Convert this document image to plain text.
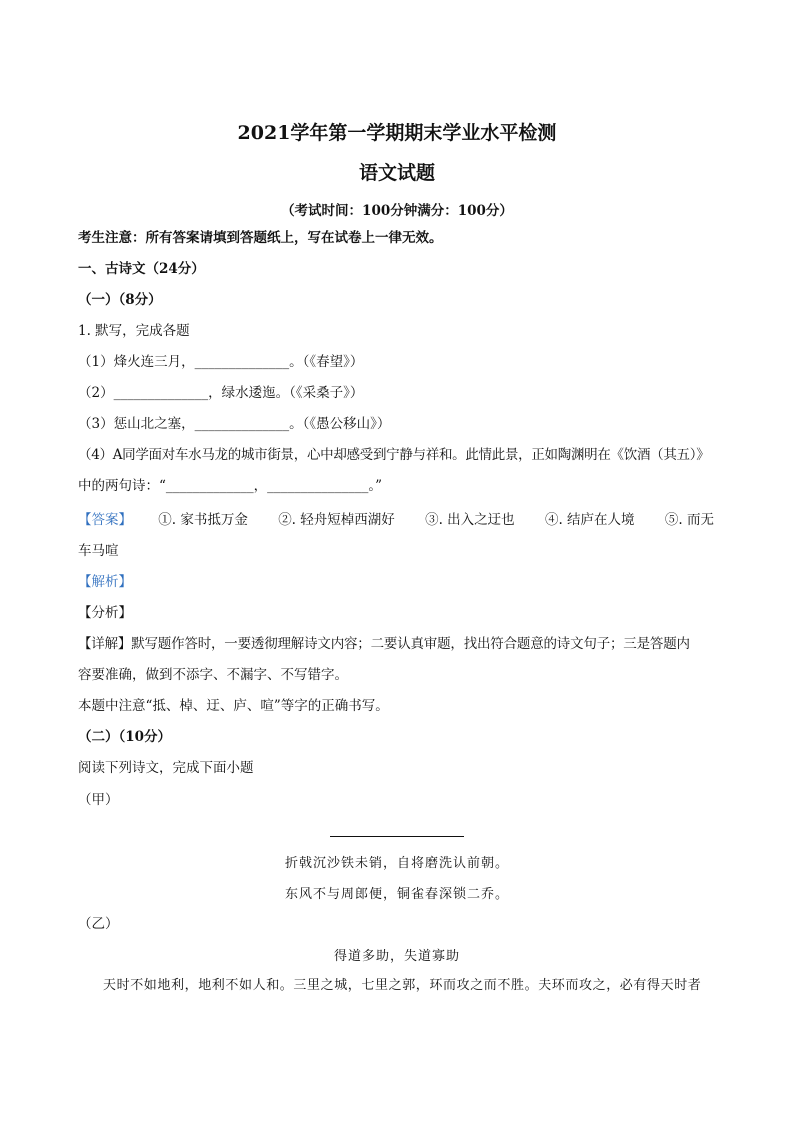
2021学年第一学期期末学业水平检测
语文试题
（考试时间：100分钟满分：100分）
考生注意：所有答案请填到答题纸上，写在试卷上一律无效。
一、古诗文（24分）
（一）（8分）
1. 默写，完成各题
（1）烽火连三月，______________。（《春望》）
（2）______________，绿水逶迤。（《采桑子》）
（3）惩山北之塞，______________。（《愚公移山》）
（4）A同学面对车水马龙的城市街景，心中却感受到宁静与祥和。此情此景，正如陶渊明在《饮酒（其五）》
中的两句诗：“_____________，_______________。”
【答案】 ①. 家书抵万金 ②. 轻舟短棹西湖好 ③. 出入之迂也 ④. 结庐在人境 ⑤. 而无
车马喧
【解析】
【分析】
【详解】默写题作答时，一要透彻理解诗文内容；二要认真审题，找出符合题意的诗文句子；三是答题内
容要准确，做到不添字、不漏字、不写错字。
本题中注意“抵、棹、迂、庐、喧”等字的正确书写。
（二）（10分）
阅读下列诗文，完成下面小题
（甲）
折戟沉沙铁未销，自将磨洗认前朝。
东风不与周郎便，铜雀春深锁二乔。
（乙）
得道多助，失道寡助
天时不如地利，地利不如人和。三里之城，七里之郭，环而攻之而不胜。夫环而攻之，必有得天时者
